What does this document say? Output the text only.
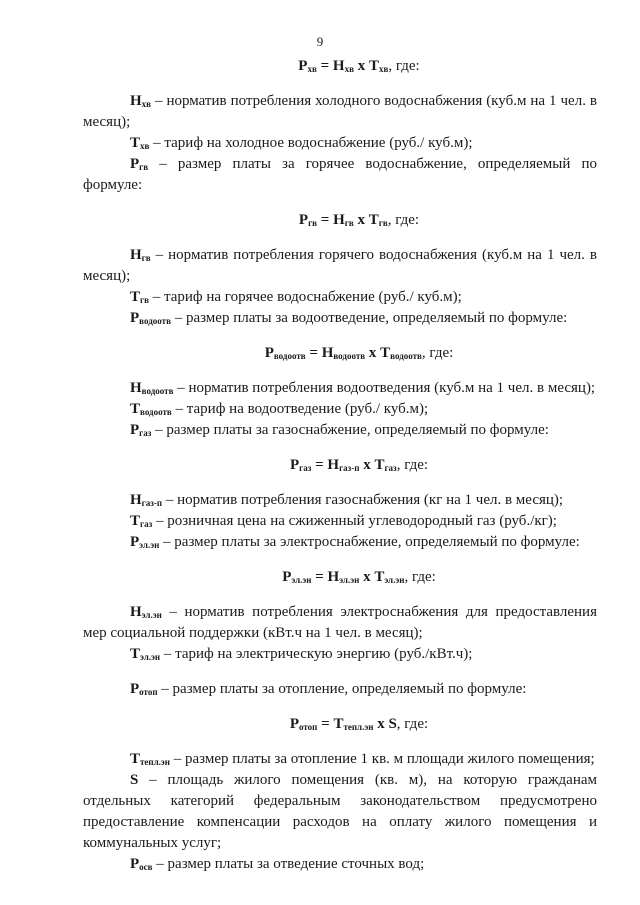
9
$Р_{хв} = Н_{хв}$ х $Т_{хв}$, где:
$Н_{хв}$ – норматив потребления холодного водоснабжения (куб.м на 1 чел. в месяц);
$Т_{хв}$ – тариф на холодное водоснабжение (руб./ куб.м);
$Р_{гв}$ – размер платы за горячее водоснабжение, определяемый по формуле:
$Р_{гв} = Н_{гв}$ х $Т_{гв}$, где:
$Н_{гв}$ – норматив потребления горячего водоснабжения (куб.м на 1 чел. в месяц);
$Т_{гв}$ – тариф на горячее водоснабжение (руб./ куб.м);
$Р_{водоотв}$ – размер платы за водоотведение, определяемый по формуле:
$Р_{водоотв} = Н_{водоотв}$ х $Т_{водоотв}$, где:
$Н_{водоотв}$ – норматив потребления водоотведения (куб.м на 1 чел. в месяц);
$Т_{водоотв}$ – тариф на водоотведение (руб./ куб.м);
$Р_{газ}$ – размер платы за газоснабжение, определяемый по формуле:
$Р_{газ} = Н_{газ-п}$ х $Т_{газ}$, где:
$Н_{газ-п}$ – норматив потребления газоснабжения (кг на 1 чел. в месяц);
$Т_{газ}$ – розничная цена на сжиженный углеводородный газ (руб./кг);
$Р_{эл.эн}$ – размер платы за электроснабжение, определяемый по формуле:
$Р_{эл.эн} = Н_{эл.эн}$ х $Т_{эл.эн}$, где:
$Н_{эл.эн}$ – норматив потребления электроснабжения для предоставления мер социальной поддержки (кВт.ч на 1 чел. в месяц);
$Т_{эл.эн}$ – тариф на электрическую энергию (руб./кВт.ч);
$Р_{отоп}$ – размер платы за отопление, определяемый по формуле:
$Р_{отоп} = Т_{тепл.эн}$ х S, где:
$Т_{тепл.эн}$ – размер платы за отопление 1 кв. м площади жилого помещения;
S – площадь жилого помещения (кв. м), на которую гражданам отдельных категорий федеральным законодательством предусмотрено предоставление компенсации расходов на оплату жилого помещения и коммунальных услуг;
$Р_{осв}$ – размер платы за отведение сточных вод;
